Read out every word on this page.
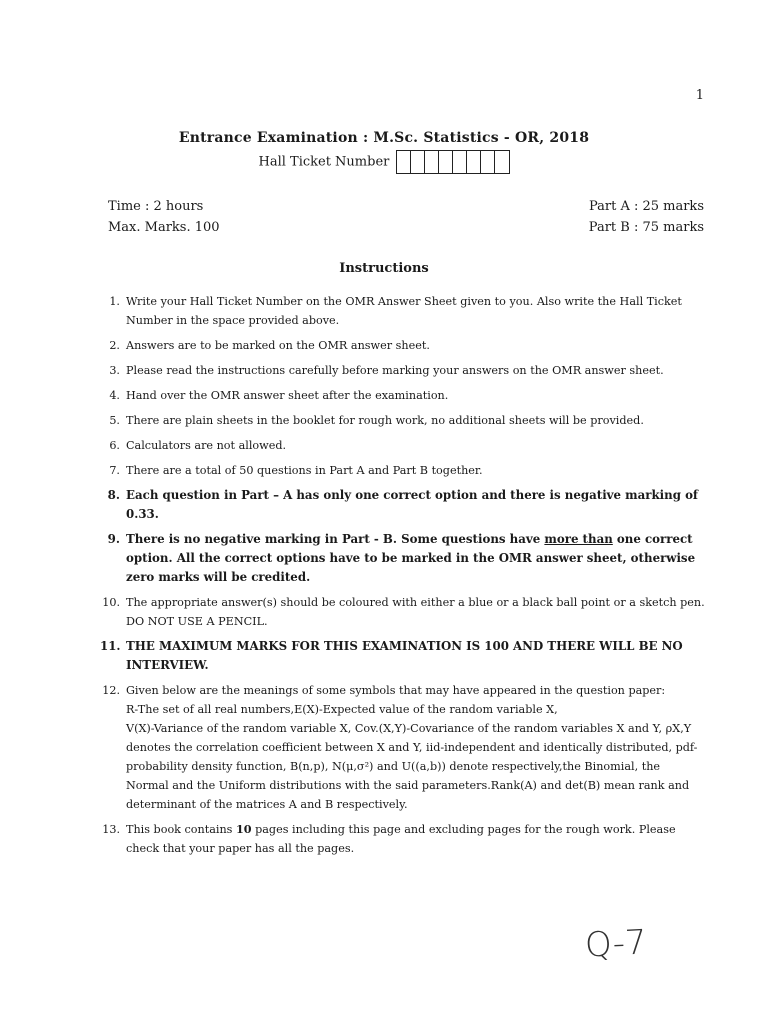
1
Entrance Examination : M.Sc. Statistics - OR, 2018
Hall Ticket Number
Time : 2 hours
Max. Marks. 100
Part A : 25 marks
Part B : 75 marks
Instructions
1. Write your Hall Ticket Number on the OMR Answer Sheet given to you. Also write the Hall Ticket Number in the space provided above.
2. Answers are to be marked on the OMR answer sheet.
3. Please read the instructions carefully before marking your answers on the OMR answer sheet.
4. Hand over the OMR answer sheet after the examination.
5. There are plain sheets in the booklet for rough work, no additional sheets will be provided.
6. Calculators are not allowed.
7. There are a total of 50 questions in Part A and Part B together.
8. Each question in Part – A has only one correct option and there is negative marking of 0.33.
9. There is no negative marking in Part - B. Some questions have more than one correct option. All the correct options have to be marked in the OMR answer sheet, otherwise zero marks will be credited.
10. The appropriate answer(s) should be coloured with either a blue or a black ball point or a sketch pen. DO NOT USE A PENCIL.
11. THE MAXIMUM MARKS FOR THIS EXAMINATION IS 100 AND THERE WILL BE NO INTERVIEW.
12. Given below are the meanings of some symbols that may have appeared in the question paper:
R-The set of all real numbers,E(X)-Expected value of the random variable X,
V(X)-Variance of the random variable X, Cov.(X,Y)-Covariance of the random variables X and Y, ρX,Y denotes the correlation coefficient between X and Y, iid-independent and identically distributed, pdf-probability density function, B(n,p), N(μ,σ²) and U((a,b)) denote respectively,the Binomial, the Normal and the Uniform distributions with the said parameters.Rank(A) and det(B) mean rank and determinant of the matrices A and B respectively.
13. This book contains 10 pages including this page and excluding pages for the rough work. Please check that your paper has all the pages.
Q-7
